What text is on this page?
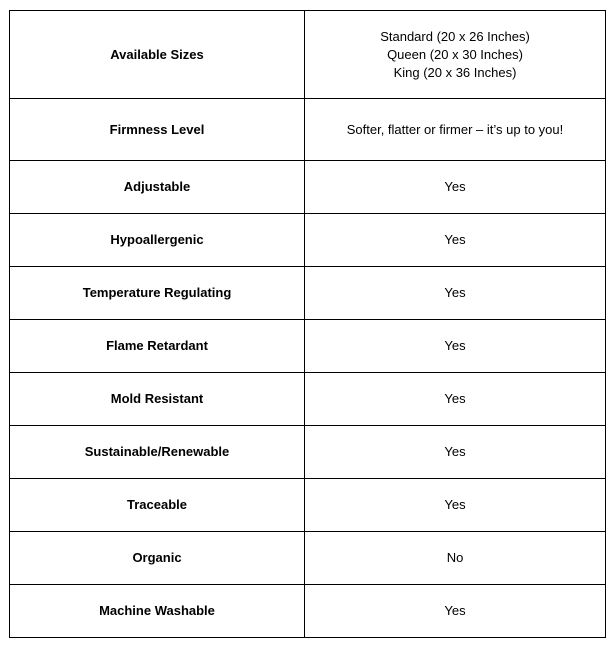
Available Sizes	Standard (20 x 26 Inches)
Queen (20 x 30 Inches)
King (20 x 36 Inches)

Firmness Level	Softer, flatter or firmer – it’s up to you!
Adjustable	Yes
Hypoallergenic	Yes
Temperature Regulating	Yes
Flame Retardant	Yes
Mold Resistant	Yes
Sustainable/Renewable	Yes
Traceable	Yes
Organic	No
Machine Washable	Yes
